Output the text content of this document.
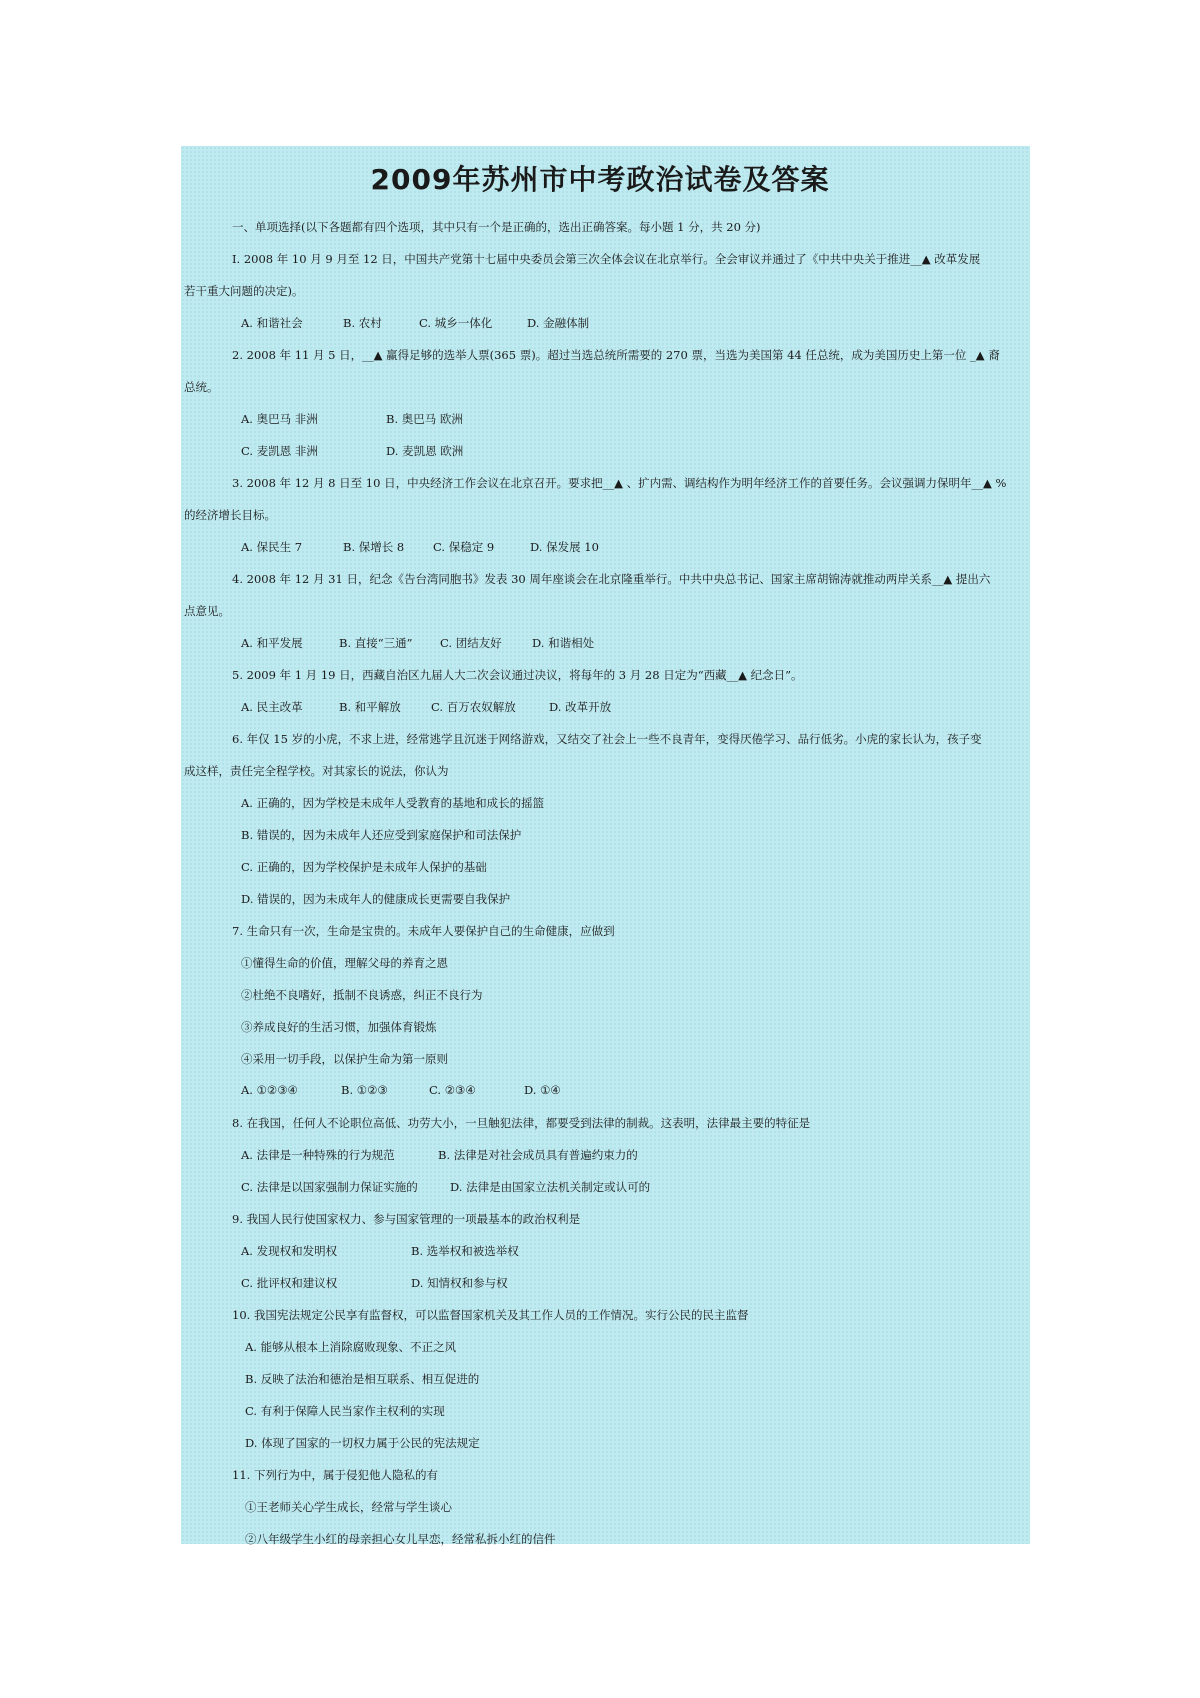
2009年苏州市中考政治试卷及答案
一、单项选择(以下各题都有四个选项，其中只有一个是正确的，选出正确答案。每小题 1 分，共 20 分)
I. 2008 年 10 月 9 月至 12 日，中国共产党第十七届中央委员会第三次全体会议在北京举行。全会审议并通过了《中共中央关于推进__▲ 改革发展
若干重大问题的决定)。
A. 和谐社会	B. 农村	C. 城乡一体化	D. 金融体制
2. 2008 年 11 月 5 日，__▲ 赢得足够的选举人票(365 票)。超过当选总统所需要的 270 票，当选为美国第 44 任总统，成为美国历史上第一位 _▲ 裔
总统。
A. 奥巴马 非洲	B. 奥巴马 欧洲
C. 麦凯恩 非洲	D. 麦凯恩 欧洲
3. 2008 年 12 月 8 日至 10 日，中央经济工作会议在北京召开。要求把__▲ 、扩内需、调结构作为明年经济工作的首要任务。会议强调力保明年__▲ %
的经济增长目标。
A. 保民生 7	B. 保增长 8	C. 保稳定 9	D. 保发展 10
4. 2008 年 12 月 31 日，纪念《告台湾同胞书》发表 30 周年座谈会在北京隆重举行。中共中央总书记、国家主席胡锦涛就推动两岸关系__▲ 提出六
点意见。
A. 和平发展	B. 直接“三通” C. 团结友好	D. 和谐相处
5. 2009 年 1 月 19 日，西藏自治区九届人大二次会议通过决议，将每年的 3 月 28 日定为“西藏__▲ 纪念日”。
A. 民主改革	B. 和平解放	C. 百万农奴解放	D. 改革开放
6. 年仅 15 岁的小虎，不求上进，经常逃学且沉迷于网络游戏，又结交了社会上一些不良青年，变得厌倦学习、品行低劣。小虎的家长认为，孩子变
成这样，责任完全程学校。对其家长的说法，你认为
A. 正确的，因为学校是未成年人受教育的基地和成长的摇篮
B. 错误的，因为未成年人还应受到家庭保护和司法保护
C. 正确的，因为学校保护是未成年人保护的基础
D. 错误的，因为未成年人的健康成长更需要自我保护
7. 生命只有一次，生命是宝贵的。未成年人要保护自己的生命健康，应做到
①懂得生命的价值，理解父母的养育之恩
②杜绝不良嗜好，抵制不良诱惑，纠正不良行为
③养成良好的生活习惯，加强体育锻炼
④采用一切手段，以保护生命为第一原则
A. ①②③④	B. ①②③	C. ②③④	D. ①④
8. 在我国，任何人不论职位高低、功劳大小，一旦触犯法律，都要受到法律的制裁。这表明，法律最主要的特征是
A. 法律是一种特殊的行为规范	B. 法律是对社会成员具有普遍约束力的
C. 法律是以国家强制力保证实施的	D. 法律是由国家立法机关制定或认可的
9. 我国人民行使国家权力、参与国家管理的一项最基本的政治权利是
A. 发现权和发明权	B. 选举权和被选举权
C. 批评权和建议权	D. 知情权和参与权
10. 我国宪法规定公民享有监督权，可以监督国家机关及其工作人员的工作情况。实行公民的民主监督
A. 能够从根本上消除腐败现象、不正之风
B. 反映了法治和德治是相互联系、相互促进的
C. 有利于保障人民当家作主权利的实现
D. 体现了国家的一切权力属于公民的宪法规定
11. 下列行为中，属于侵犯他人隐私的有
①王老师关心学生成长，经常与学生谈心
②八年级学生小红的母亲担心女儿早恋，经常私拆小红的信件
